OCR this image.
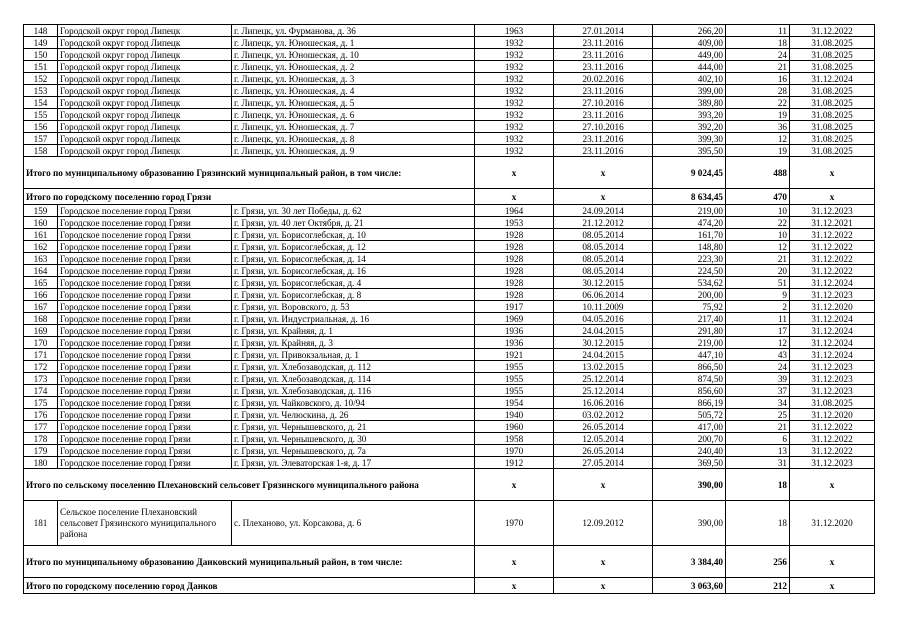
148	Городской округ город Липецк	г. Липецк, ул. Фурманова, д. 36	1963	27.01.2014	266,20	11	31.12.2022
149	Городской округ город Липецк	г. Липецк, ул. Юношеская, д. 1	1932	23.11.2016	409,00	18	31.08.2025
150	Городской округ город Липецк	г. Липецк, ул. Юношеская, д. 10	1932	23.11.2016	449,00	24	31.08.2025
151	Городской округ город Липецк	г. Липецк, ул. Юношеская, д. 2	1932	23.11.2016	444,00	21	31.08.2025
152	Городской округ город Липецк	г. Липецк, ул. Юношеская, д. 3	1932	20.02.2016	402,10	16	31.12.2024
153	Городской округ город Липецк	г. Липецк, ул. Юношеская, д. 4	1932	23.11.2016	399,00	28	31.08.2025
154	Городской округ город Липецк	г. Липецк, ул. Юношеская, д. 5	1932	27.10.2016	389,80	22	31.08.2025
155	Городской округ город Липецк	г. Липецк, ул. Юношеская, д. 6	1932	23.11.2016	393,20	19	31.08.2025
156	Городской округ город Липецк	г. Липецк, ул. Юношеская, д. 7	1932	27.10.2016	392,20	36	31.08.2025
157	Городской округ город Липецк	г. Липецк, ул. Юношеская, д. 8	1932	23.11.2016	399,30	12	31.08.2025
158	Городской округ город Липецк	г. Липецк, ул. Юношеская, д. 9	1932	23.11.2016	395,50	19	31.08.2025
Итого по муниципальному образованию Грязинский муниципальный район, в том числе:			х	х	9 024,45	488	х
Итого по городскому поселению город Грязи			х	х	8 634,45	470	х
159	Городское поселение город Грязи	г. Грязи, ул. 30 лет Победы, д. 62	1964	24.09.2014	219,00	10	31.12.2023
160	Городское поселение город Грязи	г. Грязи, ул. 40 лет Октября, д. 21	1953	21.12.2012	474,20	22	31.12.2021
161	Городское поселение город Грязи	г. Грязи, ул. Борисоглебская, д. 10	1928	08.05.2014	161,70	10	31.12.2022
162	Городское поселение город Грязи	г. Грязи, ул. Борисоглебская, д. 12	1928	08.05.2014	148,80	12	31.12.2022
163	Городское поселение город Грязи	г. Грязи, ул. Борисоглебская, д. 14	1928	08.05.2014	223,30	21	31.12.2022
164	Городское поселение город Грязи	г. Грязи, ул. Борисоглебская, д. 16	1928	08.05.2014	224,50	20	31.12.2022
165	Городское поселение город Грязи	г. Грязи, ул. Борисоглебская, д. 4	1928	30.12.2015	534,62	51	31.12.2024
166	Городское поселение город Грязи	г. Грязи, ул. Борисоглебская, д. 8	1928	06.06.2014	200,00	9	31.12.2023
167	Городское поселение город Грязи	г. Грязи, ул. Воровского, д. 53	1917	10.11.2009	75,92	2	31.12.2020
168	Городское поселение город Грязи	г. Грязи, ул. Индустриальная, д. 16	1969	04.05.2016	217,40	11	31.12.2024
169	Городское поселение город Грязи	г. Грязи, ул. Крайняя, д. 1	1936	24.04.2015	291,80	17	31.12.2024
170	Городское поселение город Грязи	г. Грязи, ул. Крайняя, д. 3	1936	30.12.2015	219,00	12	31.12.2024
171	Городское поселение город Грязи	г. Грязи, ул. Привокзальная, д. 1	1921	24.04.2015	447,10	43	31.12.2024
172	Городское поселение город Грязи	г. Грязи, ул. Хлебозаводская, д. 112	1955	13.02.2015	866,50	24	31.12.2023
173	Городское поселение город Грязи	г. Грязи, ул. Хлебозаводская, д. 114	1955	25.12.2014	874,50	39	31.12.2023
174	Городское поселение город Грязи	г. Грязи, ул. Хлебозаводская, д. 116	1955	25.12.2014	856,60	37	31.12.2023
175	Городское поселение город Грязи	г. Грязи, ул. Чайковского, д. 10/94	1954	16.06.2016	866,19	34	31.08.2025
176	Городское поселение город Грязи	г. Грязи, ул. Челюскина, д. 26	1940	03.02.2012	505,72	25	31.12.2020
177	Городское поселение город Грязи	г. Грязи, ул. Чернышевского, д. 21	1960	26.05.2014	417,00	21	31.12.2022
178	Городское поселение город Грязи	г. Грязи, ул. Чернышевского, д. 30	1958	12.05.2014	200,70	6	31.12.2022
179	Городское поселение город Грязи	г. Грязи, ул. Чернышевского, д. 7а	1970	26.05.2014	240,40	13	31.12.2022
180	Городское поселение город Грязи	г. Грязи, ул. Элеваторская 1-я, д. 17	1912	27.05.2014	369,50	31	31.12.2023
Итого по сельскому поселению Плехановский сельсовет Грязинского муниципального района			х	х	390,00	18	х
181	Сельское поселение Плехановский сельсовет Грязинского муниципального района	с. Плеханово, ул. Корсакова, д. 6	1970	12.09.2012	390,00	18	31.12.2020
Итого по муниципальному образованию Данковский муниципальный район, в том числе:			х	х	3 384,40	256	х
Итого по городскому поселению город Данков			х	х	3 063,60	212	х
